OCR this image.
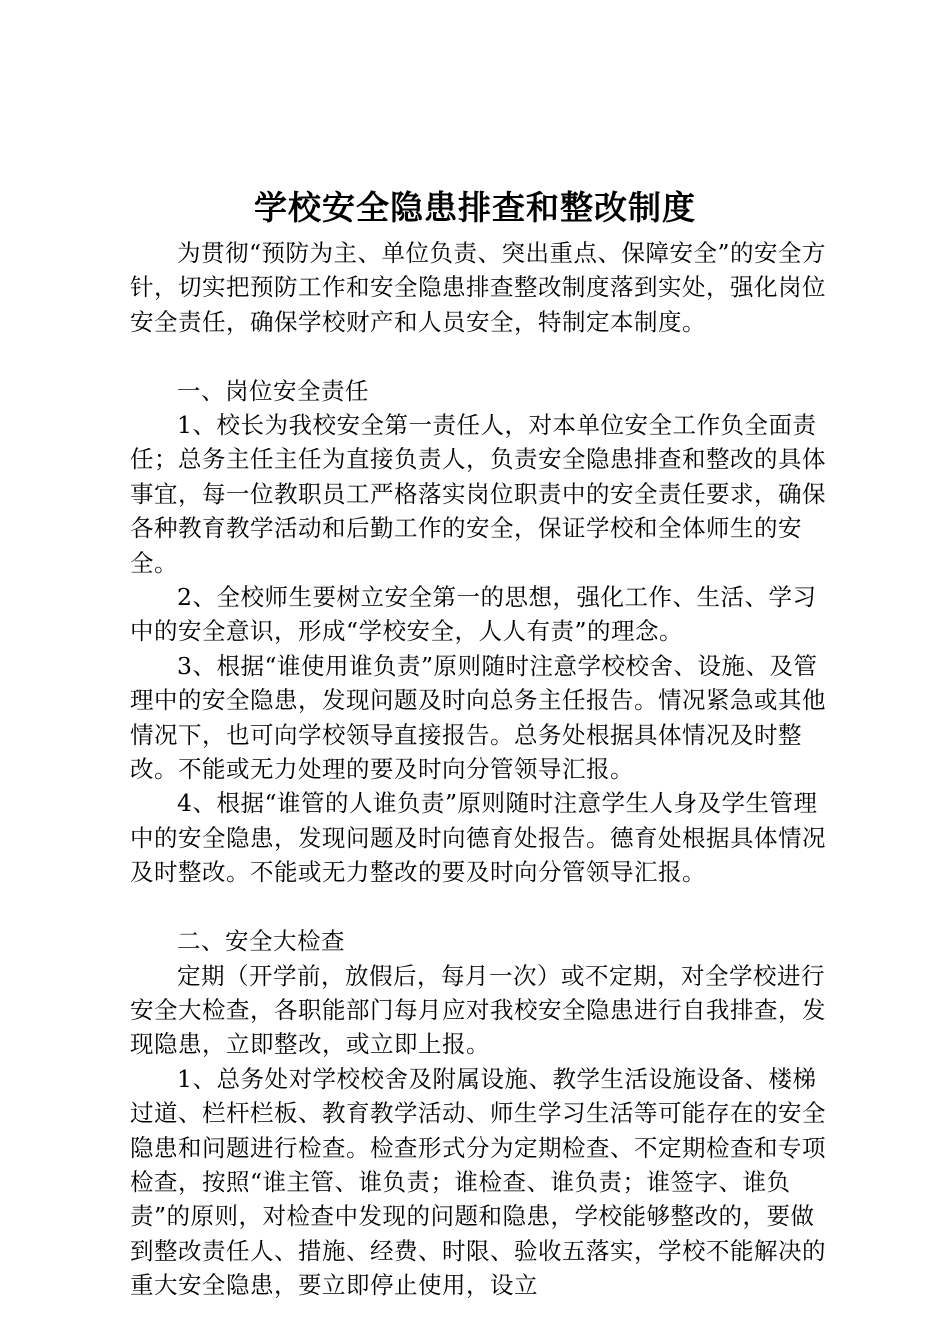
学校安全隐患排查和整改制度

为贯彻“预防为主、单位负责、突出重点、保障安全”的安全方针，切实把预防工作和安全隐患排查整改制度落到实处，强化岗位安全责任，确保学校财产和人员安全，特制定本制度。

一、岗位安全责任

1、校长为我校安全第一责任人，对本单位安全工作负全面责任；总务主任主任为直接负责人，负责安全隐患排查和整改的具体事宜，每一位教职员工严格落实岗位职责中的安全责任要求，确保各种教育教学活动和后勤工作的安全，保证学校和全体师生的安全。

2、全校师生要树立安全第一的思想，强化工作、生活、学习中的安全意识，形成“学校安全，人人有责”的理念。

3、根据“谁使用谁负责”原则随时注意学校校舍、设施、及管理中的安全隐患，发现问题及时向总务主任报告。情况紧急或其他情况下，也可向学校领导直接报告。总务处根据具体情况及时整改。不能或无力处理的要及时向分管领导汇报。

4、根据“谁管的人谁负责”原则随时注意学生人身及学生管理中的安全隐患，发现问题及时向德育处报告。德育处根据具体情况及时整改。不能或无力整改的要及时向分管领导汇报。

二、安全大检查

定期（开学前，放假后，每月一次）或不定期，对全学校进行安全大检查，各职能部门每月应对我校安全隐患进行自我排查，发现隐患，立即整改，或立即上报。

1、总务处对学校校舍及附属设施、教学生活设施设备、楼梯过道、栏杆栏板、教育教学活动、师生学习生活等可能存在的安全隐患和问题进行检查。检查形式分为定期检查、不定期检查和专项检查，按照“谁主管、谁负责；谁检查、谁负责；谁签字、谁负责”的原则，对检查中发现的问题和隐患，学校能够整改的，要做到整改责任人、措施、经费、时限、验收五落实，学校不能解决的重大安全隐患，要立即停止使用，设立
